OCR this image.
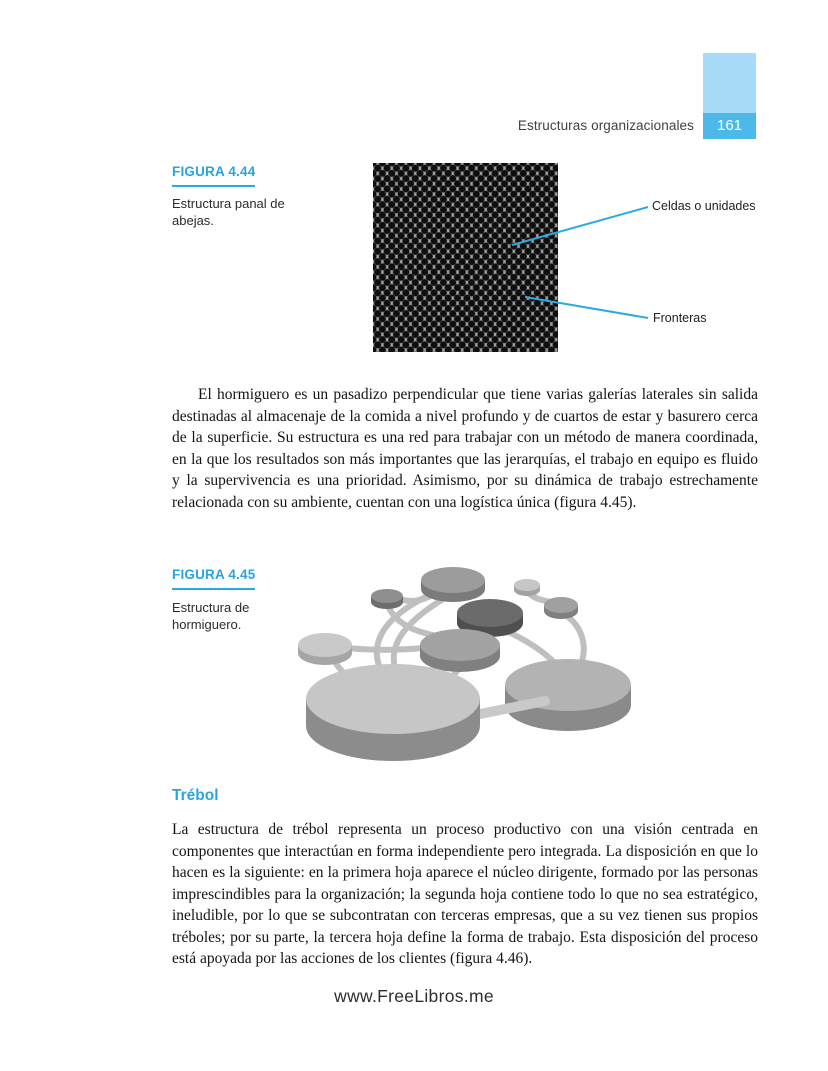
Estructuras organizacionales	161
FIGURA 4.44
Estructura panal de abejas.
Celdas o unidades
Fronteras
El hormiguero es un pasadizo perpendicular que tiene varias galerías laterales sin salida destinadas al almacenaje de la comida a nivel profundo y de cuartos de estar y basurero cerca de la superficie. Su estructura es una red para trabajar con un método de manera coordinada, en la que los resultados son más importantes que las jerarquías, el trabajo en equipo es fluido y la supervivencia es una prioridad. Asimismo, por su dinámica de trabajo estrechamente relacionada con su ambiente, cuentan con una logística única (figura 4.45).
FIGURA 4.45
Estructura de hormiguero.
Trébol
La estructura de trébol representa un proceso productivo con una visión centrada en componentes que interactúan en forma independiente pero integrada. La disposición en que lo hacen es la siguiente: en la primera hoja aparece el núcleo dirigente, formado por las personas imprescindibles para la organización; la segunda hoja contiene todo lo que no sea estratégico, ineludible, por lo que se subcontratan con terceras empresas, que a su vez tienen sus propios tréboles; por su parte, la tercera hoja define la forma de trabajo. Esta disposición del proceso está apoyada por las acciones de los clientes (figura 4.46).
www.FreeLibros.me
